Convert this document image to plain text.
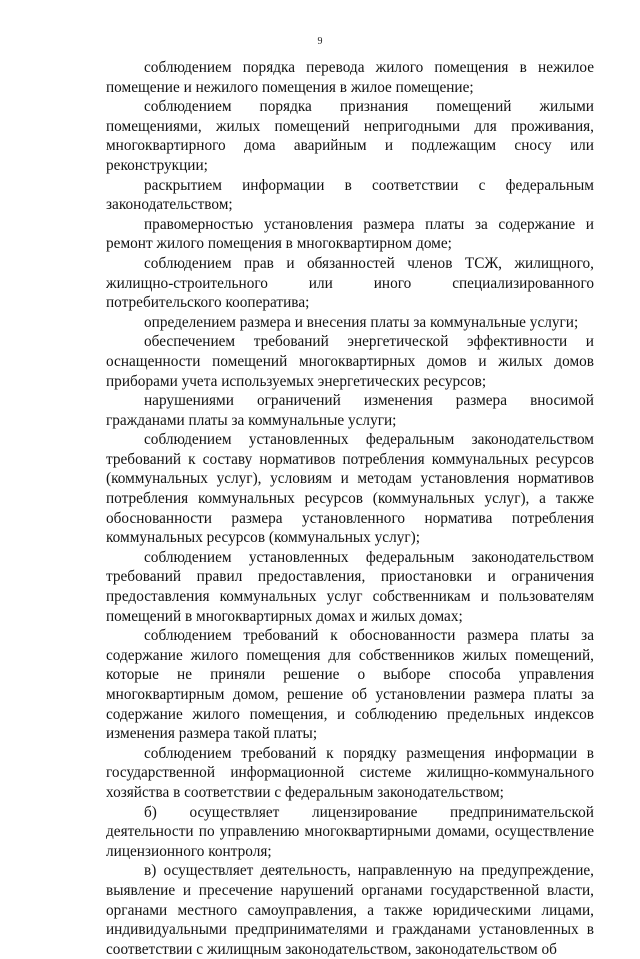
9

соблюдением порядка перевода жилого помещения в нежилое помещение и нежилого помещения в жилое помещение;

соблюдением порядка признания помещений жилыми помещениями, жилых помещений непригодными для проживания, многоквартирного дома аварийным и подлежащим сносу или реконструкции;

раскрытием информации в соответствии с федеральным законодательством;

правомерностью установления размера платы за содержание и ремонт жилого помещения в многоквартирном доме;

соблюдением прав и обязанностей членов ТСЖ, жилищного, жилищно-строительного или иного специализированного потребительского кооператива;

определением размера и внесения платы за коммунальные услуги;

обеспечением требований энергетической эффективности и оснащенности помещений многоквартирных домов и жилых домов приборами учета используемых энергетических ресурсов;

нарушениями ограничений изменения размера вносимой гражданами платы за коммунальные услуги;

соблюдением установленных федеральным законодательством требований к составу нормативов потребления коммунальных ресурсов (коммунальных услуг), условиям и методам установления нормативов потребления коммунальных ресурсов (коммунальных услуг), а также обоснованности размера установленного норматива потребления коммунальных ресурсов (коммунальных услуг);

соблюдением установленных федеральным законодательством требований правил предоставления, приостановки и ограничения предоставления коммунальных услуг собственникам и пользователям помещений в многоквартирных домах и жилых домах;

соблюдением требований к обоснованности размера платы за содержание жилого помещения для собственников жилых помещений, которые не приняли решение о выборе способа управления многоквартирным домом, решение об установлении размера платы за содержание жилого помещения, и соблюдению предельных индексов изменения размера такой платы;

соблюдением требований к порядку размещения информации в государственной информационной системе жилищно-коммунального хозяйства в соответствии с федеральным законодательством;

б) осуществляет лицензирование предпринимательской деятельности по управлению многоквартирными домами, осуществление лицензионного контроля;

в) осуществляет деятельность, направленную на предупреждение, выявление и пресечение нарушений органами государственной власти, органами местного самоуправления, а также юридическими лицами, индивидуальными предпринимателями и гражданами установленных в соответствии с жилищным законодательством, законодательством об
